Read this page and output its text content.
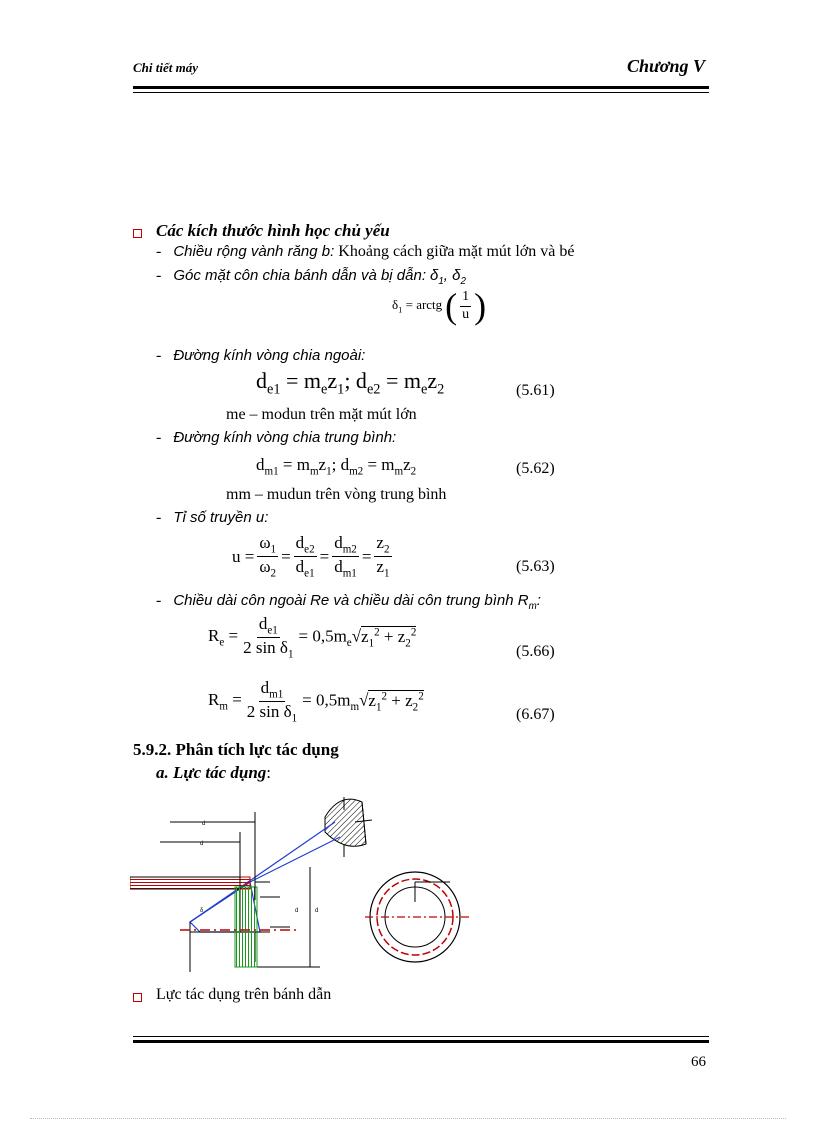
Chi tiết máy	Chương V
Các kích thước hình học chủ yếu
-   Chiều rộng vành răng b: Khoảng cách giữa mặt mút lớn và bé
-   Góc mặt côn chia bánh dẫn và bị dẫn: $\delta_1$, $\delta_2$
$\delta_1$ = arctg ( $\frac{1}{u}$ )
-   Đường kính vòng chia ngoài:
$d_{e1} = m_ez_1$; $d_{e2} = m_ez_2$	(5.61)
me – modun trên mặt mút lớn
-   Đường kính vòng chia trung bình:
$d_{m1} = m_mz_1$; $d_{m2} = m_mz_2$	(5.62)
mm – mudun trên vòng trung bình
-   Tỉ số truyền u:
$u = \frac{\omega_1}{\omega_2} = \frac{d_{e2}}{d_{e1}} = \frac{d_{m2}}{d_{m1}} = \frac{z_2}{z_1}$	(5.63)
-   Chiều dài côn ngoài Re và chiều dài côn trung bình $R_m$:
$R_e = \frac{d_{e1}}{2 \sin \delta_1} = 0,5m_e√z_1^2 + z_2^2$
(5.66)
$R_m = \frac{d_{m1}}{2 \sin \delta_1} = 0,5m_m√z_1^2 + z_2^2$
(6.67)
5.9.2. Phân tích lực tác dụng
a. Lực tác dụng:
d
d
δ	d	d
Lực tác dụng trên bánh dẫn
66
